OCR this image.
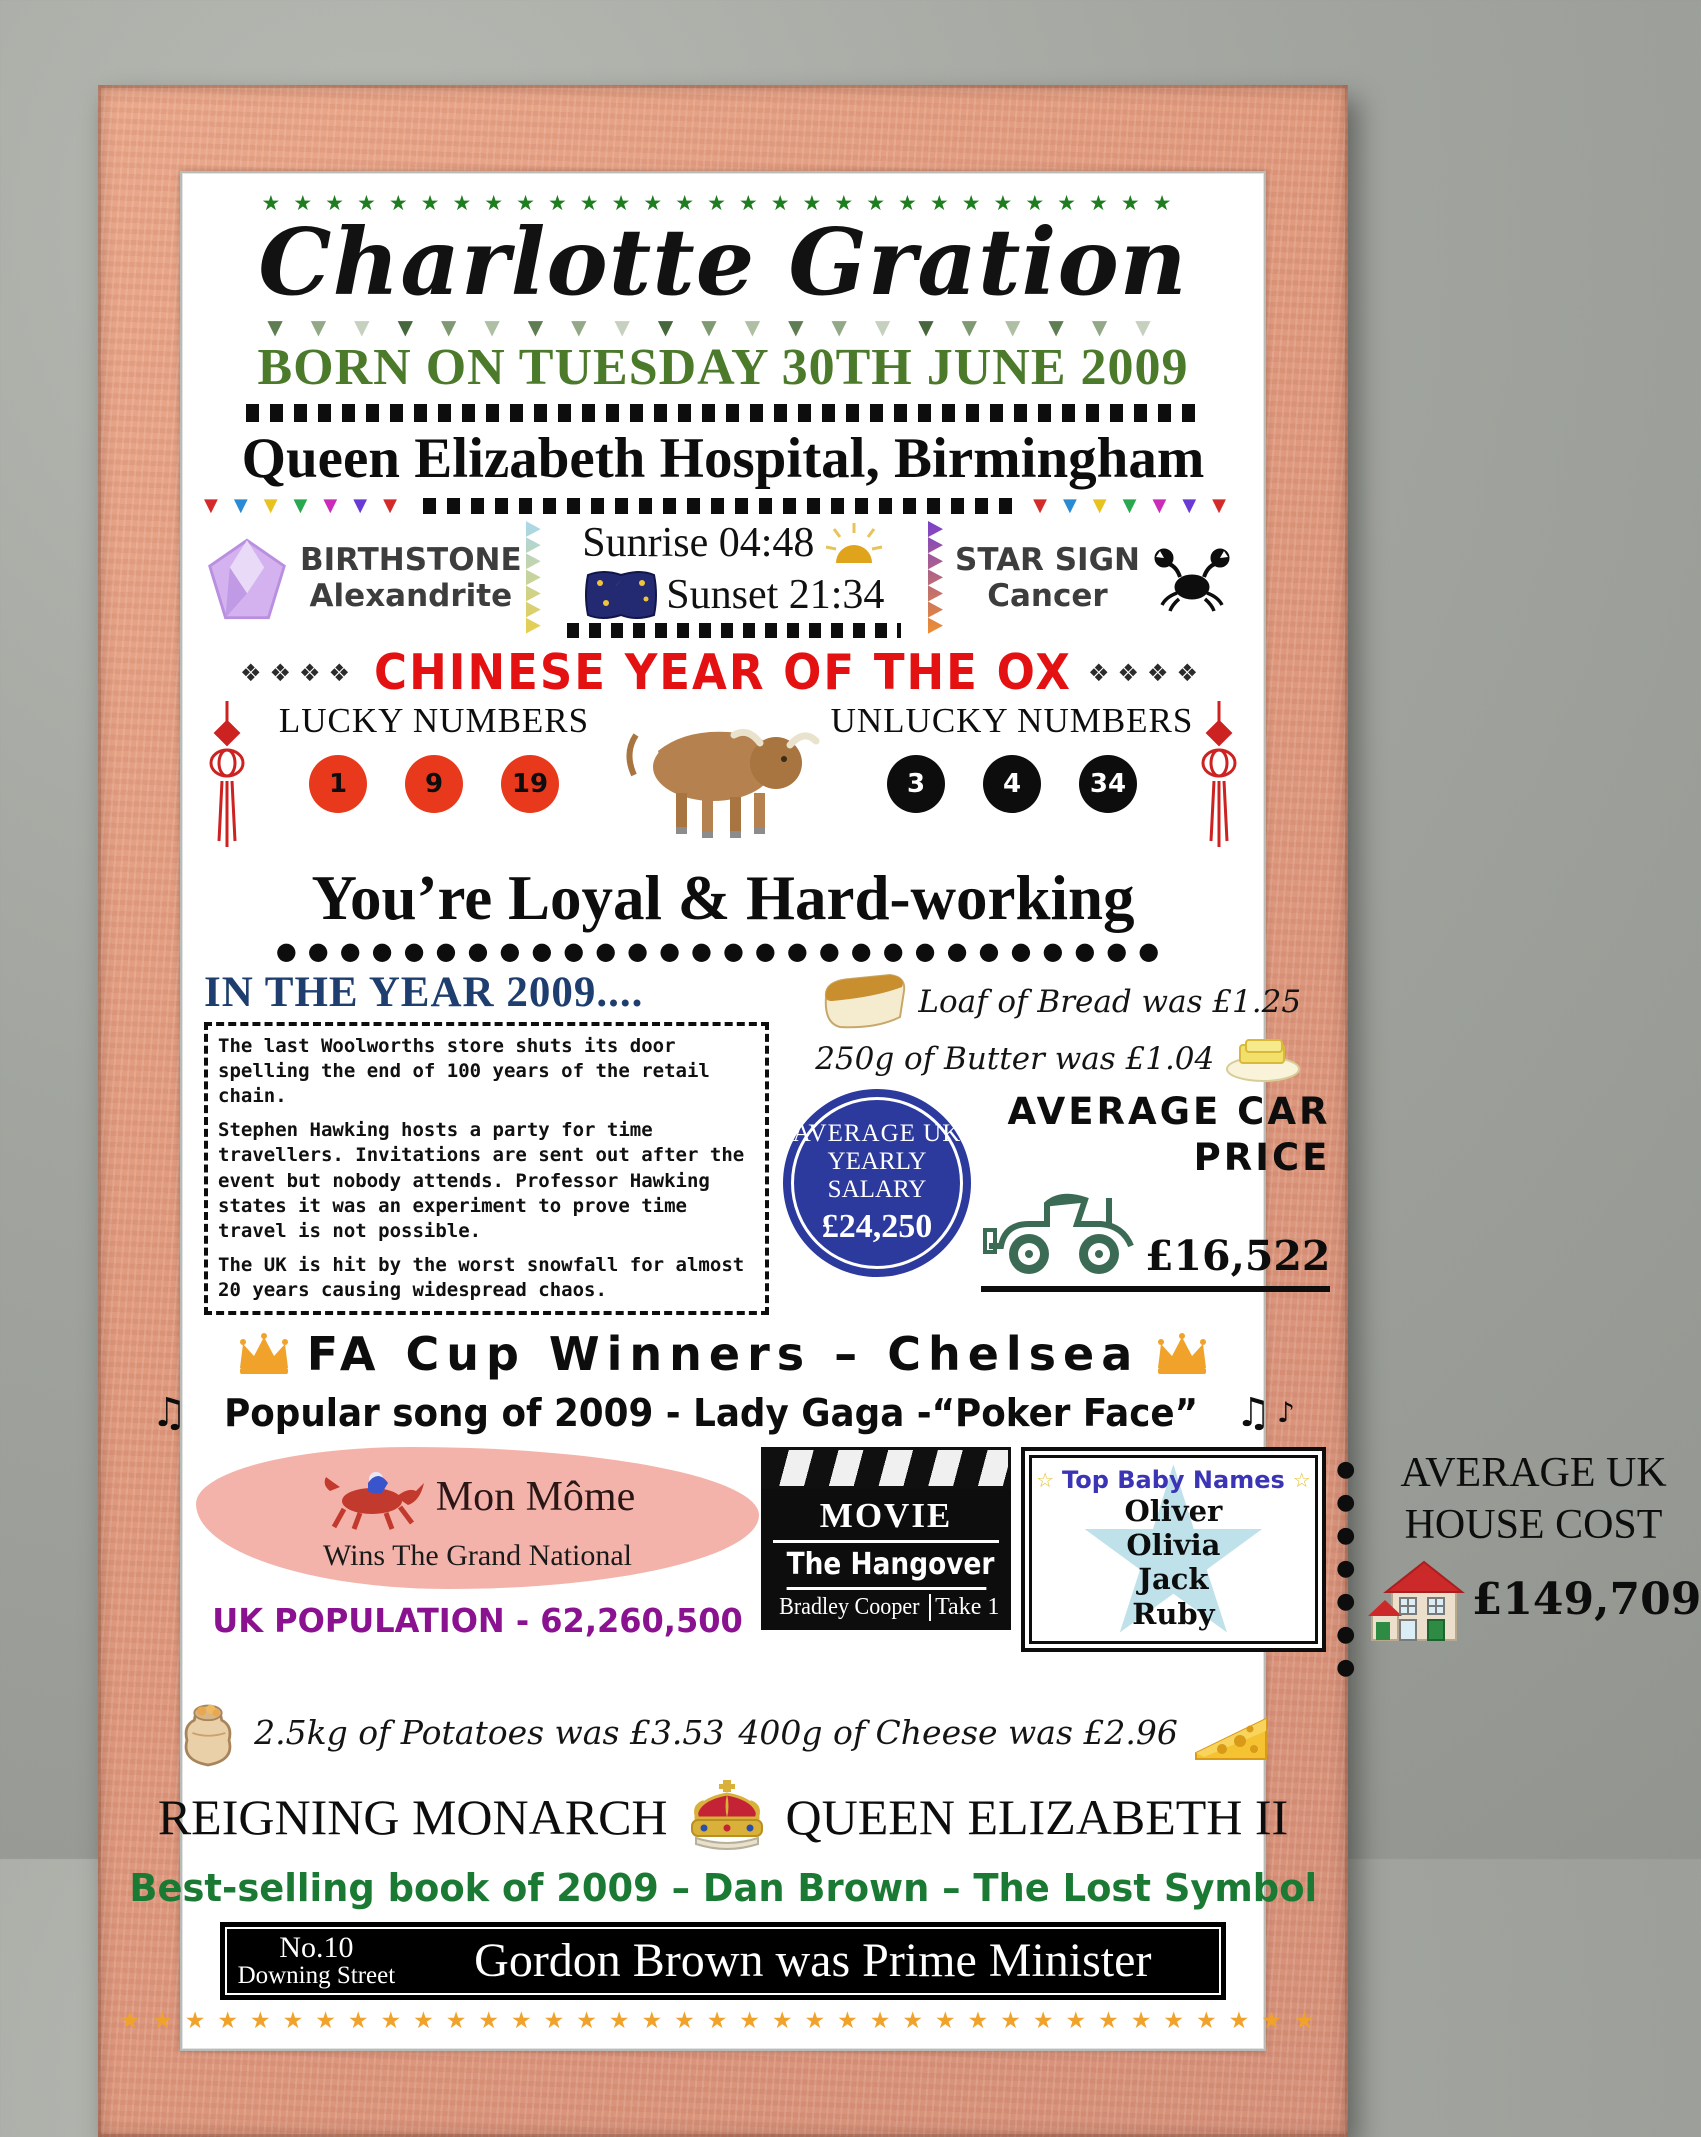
★★★★★★★★★★★★★★★★★★★★★★★★★★★★★
Charlotte Gration
▼▼▼▼▼▼▼▼▼▼▼▼▼▼▼▼▼▼▼▼▼
BORN ON TUESDAY 30TH JUNE 2009
Queen Elizabeth Hospital, Birmingham
▼▼▼▼▼▼▼	▼▼▼▼▼▼▼
BIRTHSTONE
Alexandrite
Sunrise 04:48
Sunset 21:34
STAR SIGN
Cancer
❖❖❖❖ CHINESE YEAR OF THE OX ❖❖❖❖
LUCKY NUMBERS
1	9	19
UNLUCKY NUMBERS
3	4	34
You’re Loyal & Hard-working
●●●●●●●●●●●●●●●●●●●●●●●●●●●●
IN THE YEAR 2009....

The last Woolworths store shuts its door spelling the end of 100 years of the retail chain.

Stephen Hawking hosts a party for time travellers. Invitations are sent out after the event but nobody attends. Professor Hawking states it was an experiment to prove time travel is not possible.

The UK is hit by the worst snowfall for almost 20 years causing widespread chaos.

Loaf of Bread was £1.25
250g of Butter was £1.04
AVERAGE UK
YEARLY SALARY
£24,250
AVERAGE CAR
PRICE
£16,522
FA Cup Winners – Chelsea
♫ Popular song of 2009 - Lady Gaga -“Poker Face” ♫ ♪
Mon Môme
Wins The Grand National
UK POPULATION - 62,260,500
MOVIE
The Hangover
Bradley Cooper Take 1
☆ Top Baby Names ☆
Oliver
Olivia
Jack
Ruby
●●●●●●●
AVERAGE UK
HOUSE COST
£149,709
2.5kg of Potatoes was £3.53 400g of Cheese was £2.96
REIGNING MONARCH QUEEN ELIZABETH II
Best-selling book of 2009 – Dan Brown – The Lost Symbol
No.10
Downing Street	Gordon Brown was Prime Minister
★★★★★★★★★★★★★★★★★★★★★★★★★★★★★★★★★★★★★
